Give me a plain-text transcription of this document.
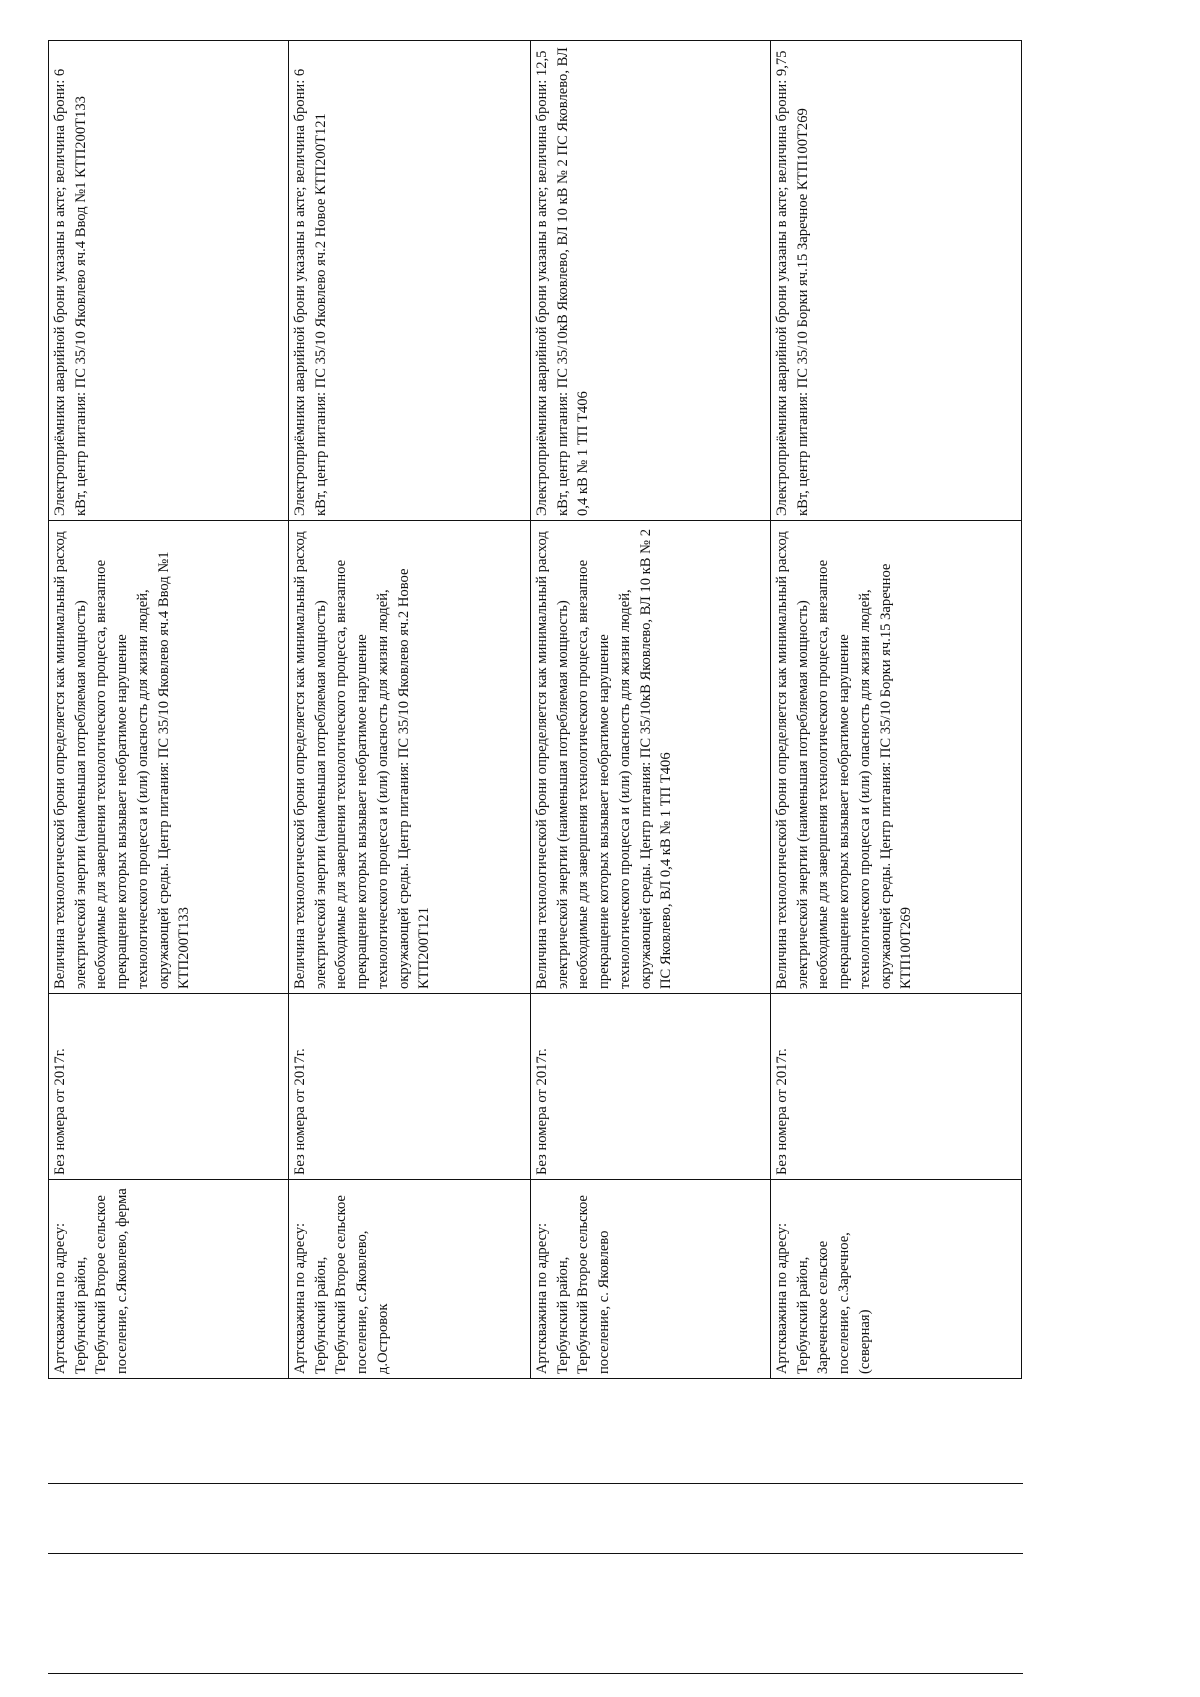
Артскважина по адресу: Тербунский район, Тербунский Второе сельское поселение, с.Яковлево, ферма	Без номера от 2017г.	Величина технологической брони определяется как минимальный расход электрической энергии (наименьшая потребляемая мощность) необходимые для завершения технологического процесса, внезапное прекращение которых вызывает необратимое нарушение технологического процесса и (или) опасность для жизни людей, окружающей среды. Центр питания: ПС 35/10 Яковлево яч.4 Ввод №1 КТП200Т133	Электроприёмники аварийной брони указаны в акте; величина брони: 6 кВт, центр питания: ПС 35/10 Яковлево яч.4 Ввод №1 КТП200Т133
Артскважина по адресу: Тербунский район, Тербунский Второе сельское поселение, с.Яковлево, д.Островок	Без номера от 2017г.	Величина технологической брони определяется как минимальный расход электрической энергии (наименьшая потребляемая мощность) необходимые для завершения технологического процесса, внезапное прекращение которых вызывает необратимое нарушение технологического процесса и (или) опасность для жизни людей, окружающей среды. Центр питания: ПС 35/10 Яковлево яч.2 Новое КТП200Т121	Электроприёмники аварийной брони указаны в акте; величина брони: 6 кВт, центр питания: ПС 35/10 Яковлево яч.2 Новое КТП200Т121
Артскважина по адресу: Тербунский район, Тербунский Второе сельское поселение, с. Яковлево	Без номера от 2017г.	Величина технологической брони определяется как минимальный расход электрической энергии (наименьшая потребляемая мощность) необходимые для завершения технологического процесса, внезапное прекращение которых вызывает необратимое нарушение технологического процесса и (или) опасность для жизни людей, окружающей среды. Центр питания: ПС 35/10кВ Яковлево, ВЛ 10 кВ № 2 ПС Яковлево, ВЛ 0,4 кВ № 1 ТП Т406	Электроприёмники аварийной брони указаны в акте; величина брони: 12,5 кВт, центр питания: ПС 35/10кВ Яковлево, ВЛ 10 кВ № 2 ПС Яковлево, ВЛ 0,4 кВ № 1 ТП Т406
Артскважина по адресу: Тербунский район, Зареченское сельское поселение, с.Заречное, (северная)	Без номера от 2017г.	Величина технологической брони определяется как минимальный расход электрической энергии (наименьшая потребляемая мощность) необходимые для завершения технологического процесса, внезапное прекращение которых вызывает необратимое нарушение технологического процесса и (или) опасность для жизни людей, окружающей среды. Центр питания: ПС 35/10 Борки яч.15 Заречное КТП100Т269	Электроприёмники аварийной брони указаны в акте; величина брони: 9,75 кВт, центр питания: ПС 35/10 Борки яч.15 Заречное КТП100Т269
